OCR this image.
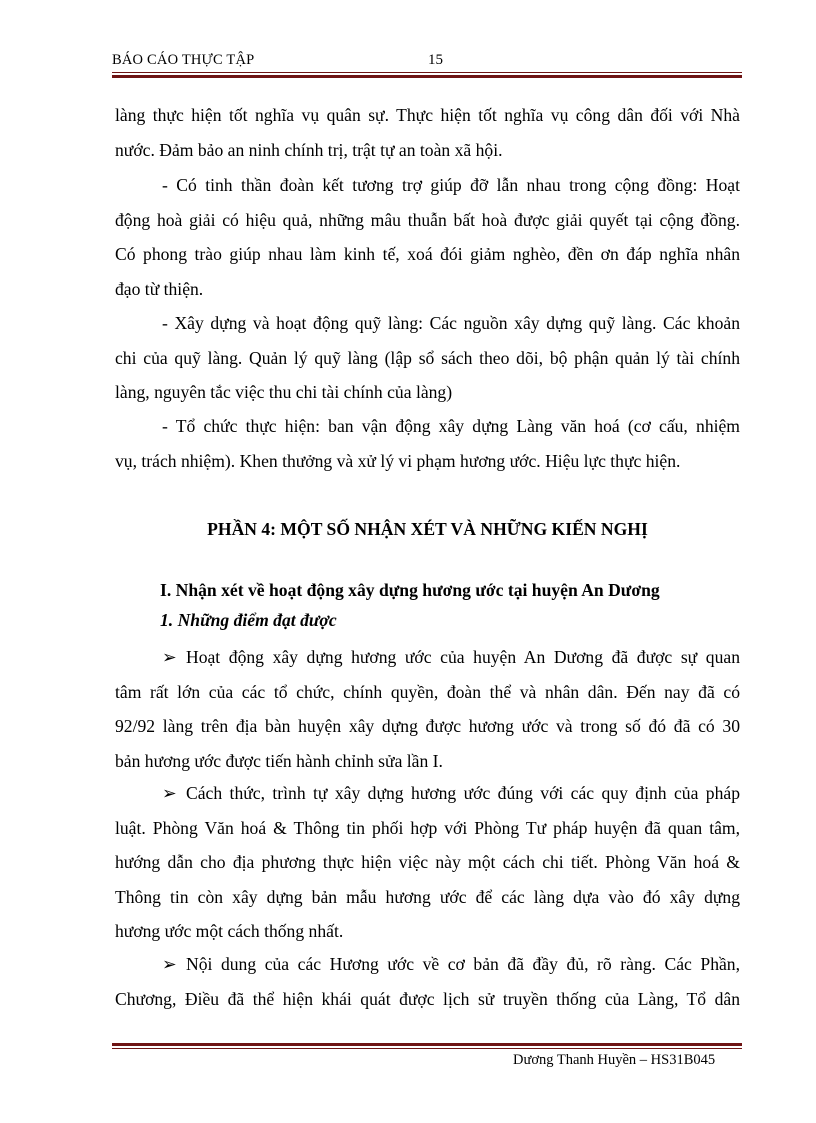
BÁO CÁO THỰC TẬP	15
làng thực hiện tốt nghĩa vụ quân sự. Thực hiện tốt nghĩa vụ công dân đối với Nhà
nước. Đảm bảo an ninh chính trị, trật tự an toàn xã hội.
- Có tinh thần đoàn kết tương trợ giúp đỡ lẫn nhau trong cộng đồng: Hoạt
động hoà giải có hiệu quả, những mâu thuẫn bất hoà được giải quyết tại cộng đồng.
Có phong trào giúp nhau làm kinh tế, xoá đói giảm nghèo, đền ơn đáp nghĩa nhân
đạo từ thiện.
- Xây dựng và hoạt động quỹ làng: Các nguồn xây dựng quỹ làng. Các khoản
chi của quỹ làng. Quản lý quỹ làng (lập sổ sách theo dõi, bộ phận quản lý tài chính
làng, nguyên tắc việc thu chi tài chính của làng)
- Tổ chức thực hiện: ban vận động xây dựng Làng văn hoá (cơ cấu, nhiệm
vụ, trách nhiệm). Khen thưởng và xử lý vi phạm hương ước. Hiệu lực thực hiện.
PHẦN 4: MỘT SỐ NHẬN XÉT VÀ NHỮNG KIẾN NGHỊ
I. Nhận xét về hoạt động xây dựng hương ước tại huyện An Dương
1. Những điểm đạt được
➢ Hoạt động xây dựng hương ước của huyện An Dương đã được sự quan
tâm rất lớn của các tổ chức, chính quyền, đoàn thể và nhân dân. Đến nay đã có
92/92 làng trên địa bàn huyện xây dựng được hương ước và trong số đó đã có 30
bản hương ước được tiến hành chỉnh sửa lần I.
➢ Cách thức, trình tự xây dựng hương ước đúng với các quy định của pháp
luật. Phòng Văn hoá & Thông tin phối hợp với Phòng Tư pháp huyện đã quan tâm,
hướng dẫn cho địa phương thực hiện việc này một cách chi tiết. Phòng Văn hoá &
Thông tin còn xây dựng bản mẫu hương ước để các làng dựa vào đó xây dựng
hương ước một cách thống nhất.
➢ Nội dung của các Hương ước về cơ bản đã đầy đủ, rõ ràng. Các Phần,
Chương, Điều đã thể hiện khái quát được lịch sử truyền thống của Làng, Tổ dân
Dương Thanh Huyền – HS31B045
